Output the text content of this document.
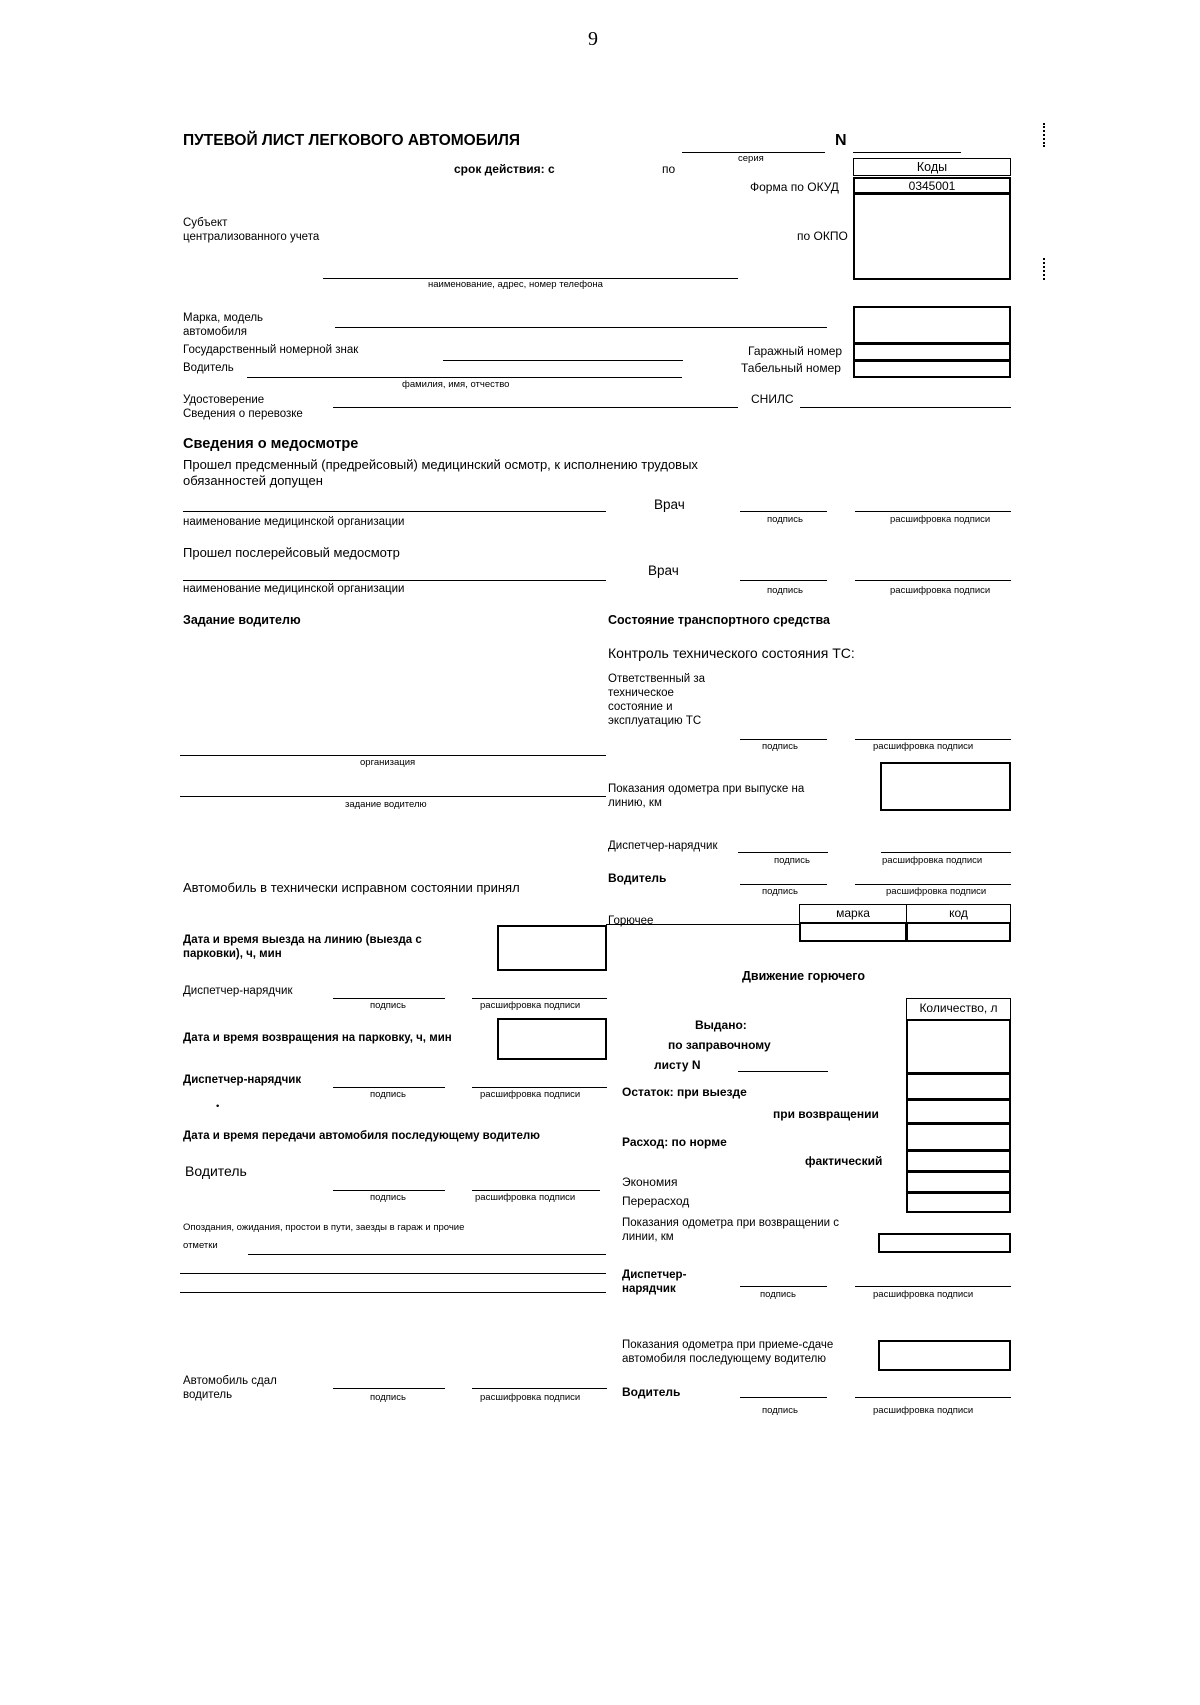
9
ПУТЕВОЙ ЛИСТ ЛЕГКОВОГО АВТОМОБИЛЯ
серия
N
срок действия: с	по	Коды
Форма по ОКУД	0345001
по ОКПО
Субъект централизованного учета
наименование, адрес, номер телефона
Марка, модель автомобиля
Государственный номерной знак	Гаражный номер
Водитель
фамилия, имя, отчество
Табельный номер
Удостоверение
Сведения о перевозке
СНИЛС
Сведения о медосмотре
Прошел предсменный (предрейсовый) медицинский осмотр, к исполнению трудовых обязанностей допущен
Врач
наименование медицинской организации	подпись	расшифровка подписи
Прошел послерейсовый медосмотр
Врач
наименование медицинской организации	подпись	расшифровка подписи
Задание водителю
организация
задание водителю
Автомобиль в технически исправном состоянии принял
Дата и время выезда на линию (выезда с парковки), ч, мин
Диспетчер-нарядчик
подпись	расшифровка подписи
Дата и время возвращения на парковку, ч, мин
Диспетчер-нарядчик
подпись	расшифровка подписи
•
Дата и время передачи автомобиля последующему водителю
Водитель
подпись	расшифровка подписи
Опоздания, ожидания, простои в пути, заезды в гараж и прочие
отметки
Автомобиль сдал водитель	подпись	расшифровка подписи
Состояние транспортного средства
Контроль технического состояния ТС:
Ответственный за техническое состояние и эксплуатацию ТС
подпись	расшифровка подписи
Показания одометра при выпуске на линию, км
Диспетчер-нарядчик
подпись	расшифровка подписи
Водитель
подпись	расшифровка подписи
Горючее
марка	код
Движение горючего
Количество, л
Выдано:
по заправочному
листу N
Остаток: при выезде
при возвращении
Расход: по норме
фактический
Экономия
Перерасход
Показания одометра при возвращении с линии, км
Диспетчер-нарядчик	подпись	расшифровка подписи
Показания одометра при приеме-сдаче автомобиля последующему водителю
Водитель
подпись	расшифровка подписи
